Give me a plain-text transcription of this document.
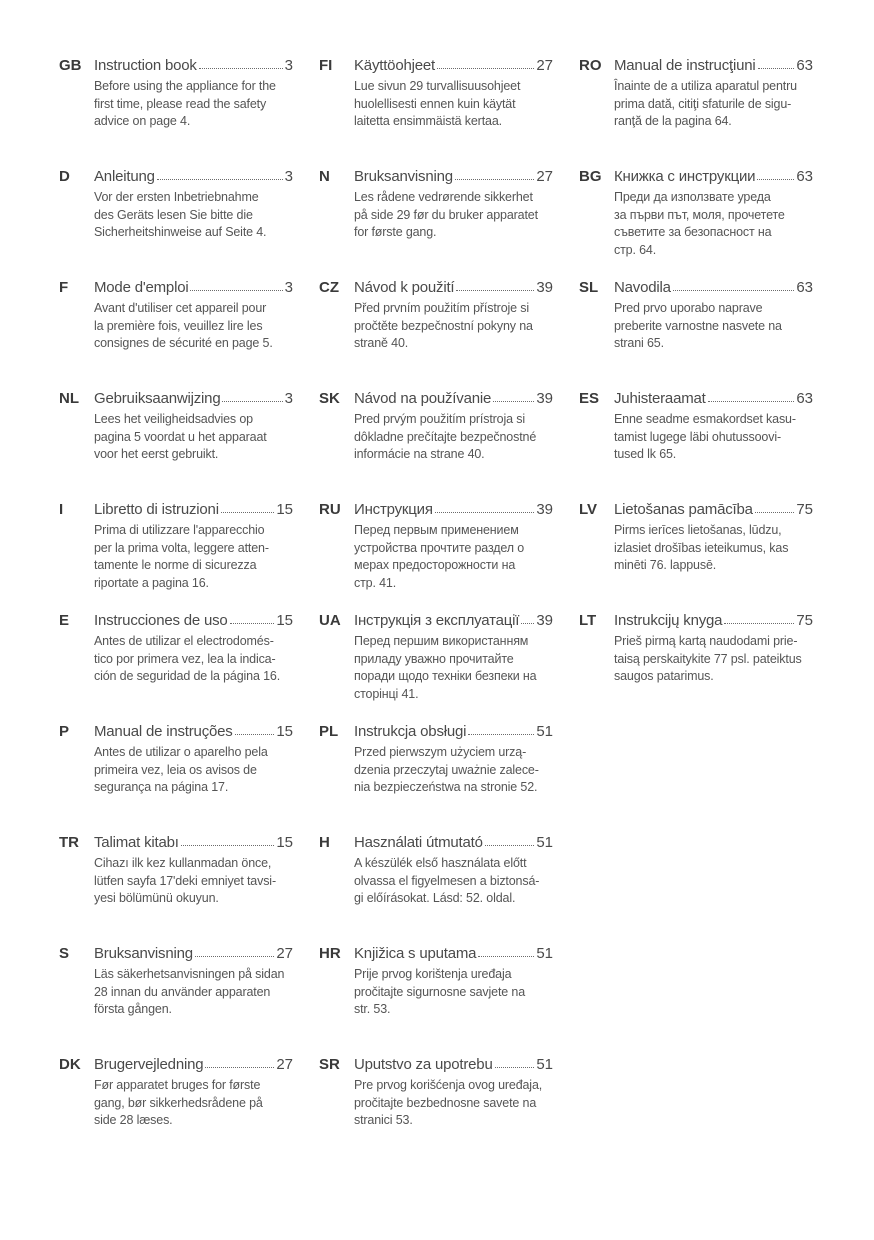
GB Instruction book	3
Before using the appliance for the
first time, please read the safety
advice on page 4.
D	Anleitung	3
Vor der ersten Inbetriebnahme
des Geräts lesen Sie bitte die
Sicherheitshinweise auf Seite 4.
F	Mode d'emploi	3
Avant d'utiliser cet appareil pour
la première fois, veuillez lire les
consignes de sécurité en page 5.
NL	Gebruiksaanwijzing	3
Lees het veiligheidsadvies op
pagina 5 voordat u het apparaat
voor het eerst gebruikt.
I	Libretto di istruzioni	15
Prima di utilizzare l'apparecchio
per la prima volta, leggere atten-
tamente le norme di sicurezza
riportate a pagina 16.
E	Instrucciones de uso	15
Antes de utilizar el electrodomés-
tico por primera vez, lea la indica-
ción de seguridad de la página 16.
P	Manual de instruções	15
Antes de utilizar o aparelho pela
primeira vez, leia os avisos de
segurança na página 17.
TR	Talimat kitabı	15
Cihazı ilk kez kullanmadan önce,
lütfen sayfa 17'deki emniyet tavsi-
yesi bölümünü okuyun.
S	Bruksanvisning	27
Läs säkerhetsanvisningen på sidan
28 innan du använder apparaten
första gången.
DK Brugervejledning	27
Før apparatet bruges for første
gang, bør sikkerhedsrådene på
side 28 læses.
FI	Käyttöohjeet	27
Lue sivun 29 turvallisuusohjeet
huolellisesti ennen kuin käytät
laitetta ensimmäistä kertaa.
N	Bruksanvisning	27
Les rådene vedrørende sikkerhet
på side 29 før du bruker apparatet
for første gang.
CZ	Návod k použití	39
Před prvním použitím přístroje si
pročtěte bezpečnostní pokyny na
straně 40.
SK Návod na používanie	39
Pred prvým použitím prístroja si
dôkladne prečítajte bezpečnostné
informácie na strane 40.
RU Инструкция	39
Перед первым применением
устройства прочтите раздел о
мерах предосторожности на
стр. 41.
UA Інструкція з експлуатації 39
Перед першим використанням
приладу уважно прочитайте
поради щодо техніки безпеки на
сторінці 41.
PL	Instrukcja obsługi	51
Przed pierwszym użyciem urzą-
dzenia przeczytaj uważnie zalece-
nia bezpieczeństwa na stronie 52.
H	Használati útmutató	51
A készülék első használata előtt
olvassa el figyelmesen a biztonsá-
gi előírásokat. Lásd: 52. oldal.
HR Knjižica s uputama	51
Prije prvog korištenja uređaja
pročitajte sigurnosne savjete na
str. 53.
SR Uputstvo za upotrebu	51
Pre prvog korišćenja ovog uređaja,
pročitajte bezbednosne savete na
stranici 53.
RO Manual de instrucţiuni	63
Înainte de a utiliza aparatul pentru
prima dată, citiţi sfaturile de sigu-
ranţă de la pagina 64.
BG Книжка с инструкции	63
Преди да използвате уреда
за първи път, моля, прочетете
съветите за безопасност на
стр. 64.
SL	Navodila	63
Pred prvo uporabo naprave
preberite varnostne nasvete na
strani 65.
ES Juhisteraamat	63
Enne seadme esmakordset kasu-
tamist lugege läbi ohutussoovi-
tused lk 65.
LV	Lietošanas pamācība	75
Pirms ierīces lietošanas, lūdzu,
izlasiet drošības ieteikumus, kas
minēti 76. lappusē.
LT	Instrukcijų knyga	75
Prieš pirmą kartą naudodami prie-
taisą perskaitykite 77 psl. pateiktus
saugos patarimus.
